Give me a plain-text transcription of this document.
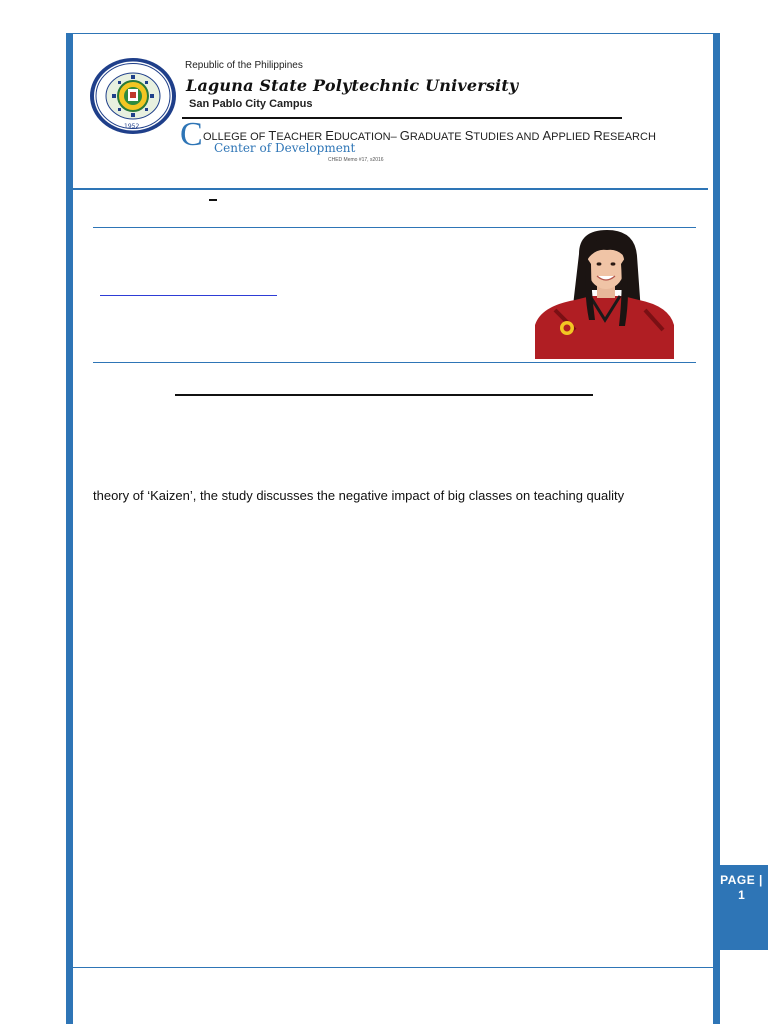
1952
Republic of the Philippines
Laguna State Polytechnic University
San Pablo City Campus
C OLLEGE OF TEACHER EDUCATION– GRADUATE STUDIES AND APPLIED RESEARCH
Center of Development
CHED Memo #17, s2016

theory of ‘Kaizen’, the study discusses the negative impact of big classes on teaching quality

PAGE |
1
